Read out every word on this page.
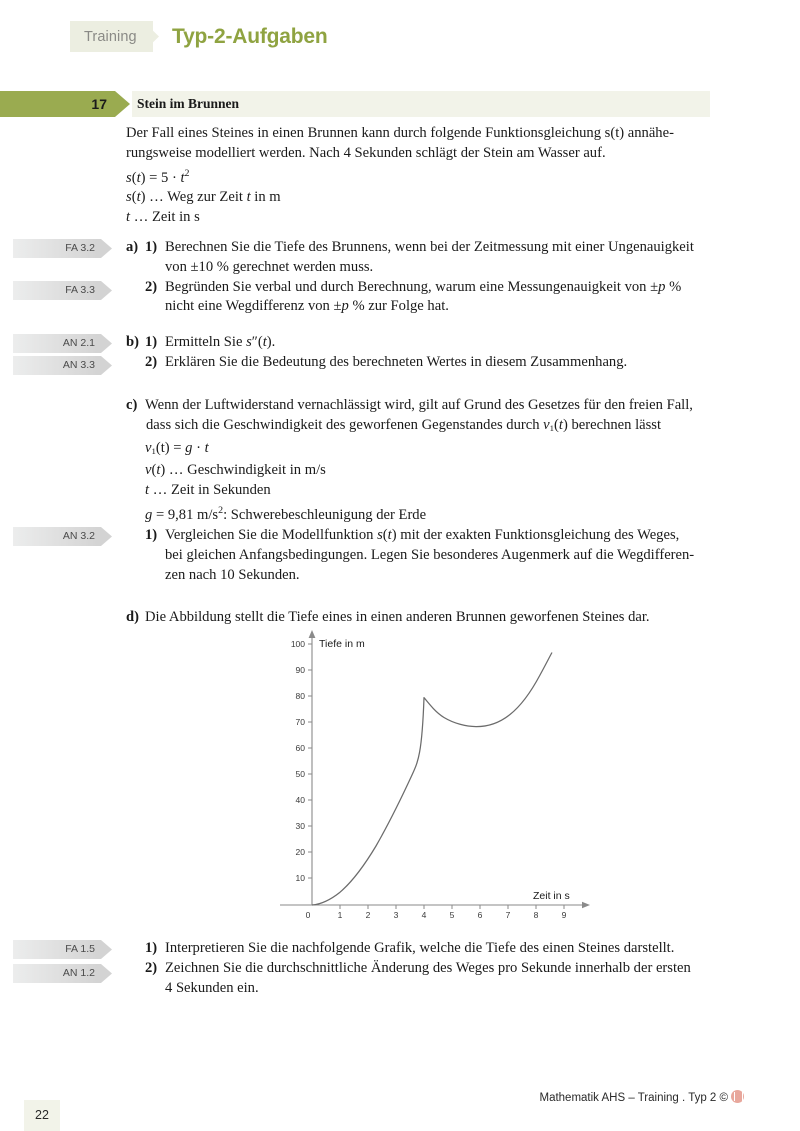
Training Typ-2-Aufgaben
17 Stein im Brunnen
Der Fall eines Steines in einen Brunnen kann durch folgende Funktionsgleichung s(t) annähe-
rungsweise modelliert werden. Nach 4 Sekunden schlägt der Stein am Wasser auf.
$s(t) = 5 \cdot t^2$
s(t) … Weg zur Zeit t in m
t … Zeit in s
FA 3.2
FA 3.3
AN 2.1
AN 3.3
AN 3.2
FA 1.5
AN 1.2
a) 1) Berechnen Sie die Tiefe des Brunnens, wenn bei der Zeitmessung mit einer Ungenauigkeit
von ±10 % gerechnet werden muss.
2) Begründen Sie verbal und durch Berechnung, warum eine Messungenauigkeit von ±p %
nicht eine Wegdifferenz von ±p % zur Folge hat.
b) 1) Ermitteln Sie s″(t).
2) Erklären Sie die Bedeutung des berechneten Wertes in diesem Zusammenhang.
c) Wenn der Luftwiderstand vernachlässigt wird, gilt auf Grund des Gesetzes für den freien Fall,
dass sich die Geschwindigkeit des geworfenen Gegenstandes durch $v_1(t)$ berechnen lässt
$v_1(t) = g \cdot t$
v(t) … Geschwindigkeit in m/s
t … Zeit in Sekunden
g = 9,81 $m/s^2$: Schwerebeschleunigung der Erde
1) Vergleichen Sie die Modellfunktion s(t) mit der exakten Funktionsgleichung des Weges,
bei gleichen Anfangsbedingungen. Legen Sie besonderes Augenmerk auf die Wegdifferen-
zen nach 10 Sekunden.
d) Die Abbildung stellt die Tiefe eines in einen anderen Brunnen geworfenen Steines dar.
100
90
80
70
60
50
40
30
20
10
0	1	2	3	4	5	6	7	8	9
Tiefe in m
Zeit in s
1) Interpretieren Sie die nachfolgende Grafik, welche die Tiefe des einen Steines darstellt.
2) Zeichnen Sie die durchschnittliche Änderung des Weges pro Sekunde innerhalb der ersten
4 Sekunden ein.
Mathematik AHS – Training . Typ 2 ©
22
